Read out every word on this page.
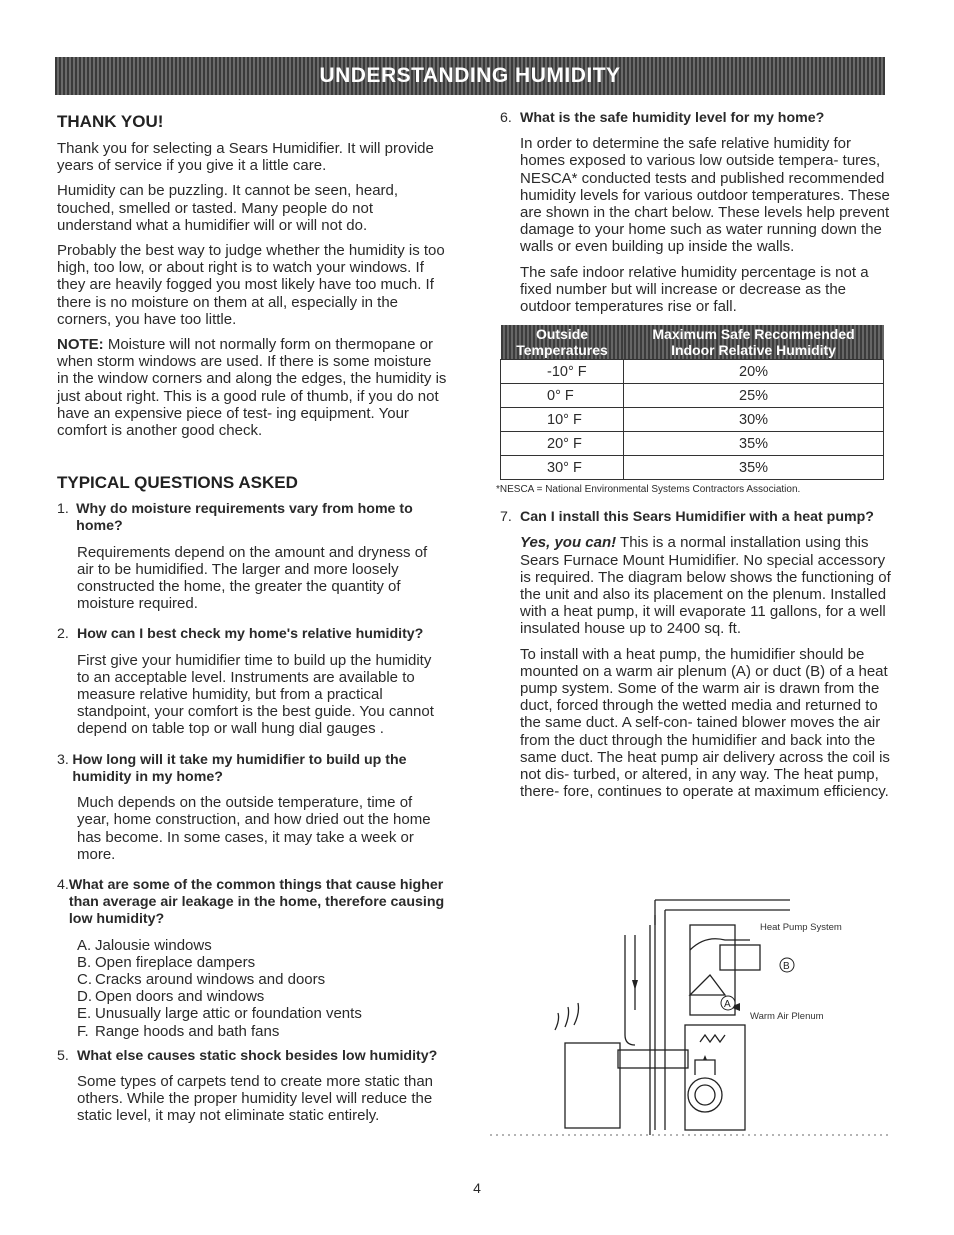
UNDERSTANDING HUMIDITY
THANK YOU!

Thank you for selecting a Sears Humidifier. It will provide years of service if you give it a little care.

Humidity can be puzzling. It cannot be seen, heard, touched, smelled or tasted. Many people do not understand what a humidifier will or will not do.

Probably the best way to judge whether the humidity is too high, too low, or about right is to watch your windows. If they are heavily fogged you most likely have too much. If there is no moisture on them at all, especially in the corners, you have too little.

NOTE: Moisture will not normally form on thermopane or when storm windows are used. If there is some moisture in the window corners and along the edges, the humidity is just about right. This is a good rule of thumb, if you do not have an expensive piece of test- ing equipment. Your comfort is another good check.

TYPICAL QUESTIONS ASKED
1. Why do moisture requirements vary from home to home?
Requirements depend on the amount and dryness of air to be humidified. The larger and more loosely constructed the home, the greater the quantity of moisture required.
2. How can I best check my home's relative humidity?
First give your humidifier time to build up the humidity to an acceptable level. Instruments are available to measure relative humidity, but from a practical standpoint, your comfort is the best guide. You cannot depend on table top or wall hung dial gauges .
3. How long will it take my humidifier to build up the humidity in my home?
Much depends on the outside temperature, time of year, home construction, and how dried out the home has become. In some cases, it may take a week or more.
4. What are some of the common things that cause higher than average air leakage in the home, therefore causing low humidity?
A. Jalousie windows
B. Open fireplace dampers
C. Cracks around windows and doors
D. Open doors and windows
E. Unusually large attic or foundation vents
F. Range hoods and bath fans
5. What else causes static shock besides low humidity?
Some types of carpets tend to create more static than others. While the proper humidity level will reduce the static level, it may not eliminate static entirely.
6. What is the safe humidity level for my home?
In order to determine the safe relative humidity for homes exposed to various low outside tempera- tures, NESCA* conducted tests and published recommended humidity levels for various outdoor temperatures. These are shown in the chart below. These levels help prevent damage to your home such as water running down the walls or even building up inside the walls.
The safe indoor relative humidity percentage is not a fixed number but will increase or decrease as the outdoor temperatures rise or fall.
Outside
Temperatures	Maximum Safe Recommended
Indoor Relative Humidity
-10° F	20%
0° F	25%
10° F	30%
20° F	35%
30° F	35%
*NESCA = National Environmental Systems Contractors Association.
7. Can I install this Sears Humidifier with a heat pump?
Yes, you can! This is a normal installation using this Sears Furnace Mount Humidifier. No special accessory is required. The diagram below shows the functioning of the unit and also its placement on the plenum. Installed with a heat pump, it will evaporate 11 gallons, for a well insulated house up to 2400 sq. ft.
To install with a heat pump, the humidifier should be mounted on a warm air plenum (A) or duct (B) of a heat pump system. Some of the warm air is drawn from the duct, forced through the wetted media and returned to the same duct. A self-con- tained blower moves the air from the duct through the humidifier and back into the same duct. The heat pump air delivery across the coil is not dis- turbed, or altered, in any way. The heat pump, there- fore, continues to operate at maximum efficiency.
Heat Pump System
Warm Air Plenum
A
B
4
